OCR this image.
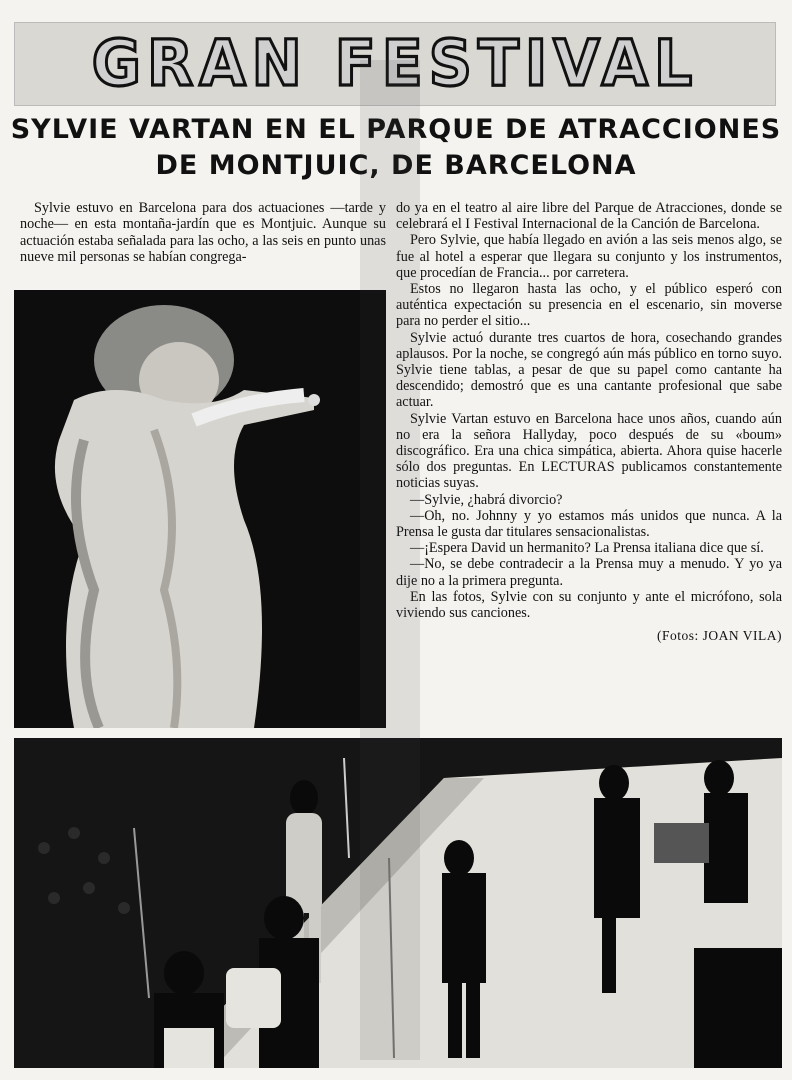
GRAN FESTIVAL
SYLVIE VARTAN EN EL PARQUE DE ATRACCIONES
DE MONTJUIC, DE BARCELONA
Sylvie estuvo en Barcelona para dos actuaciones —tarde y noche— en esta montaña-jardín que es Montjuic. Aunque su actuación estaba señalada para las ocho, a las seis en punto unas nueve mil personas se habían congrega-

do ya en el teatro al aire libre del Parque de Atracciones, donde se celebrará el I Festival Internacional de la Canción de Barcelona.

Pero Sylvie, que había llegado en avión a las seis menos algo, se fue al hotel a esperar que llegara su conjunto y los instrumentos, que procedían de Francia... por carretera.

Estos no llegaron hasta las ocho, y el público esperó con auténtica expectación su presencia en el escenario, sin moverse para no perder el sitio...

Sylvie actuó durante tres cuartos de hora, cosechando grandes aplausos. Por la noche, se congregó aún más público en torno suyo. Sylvie tiene tablas, a pesar de que su papel como cantante ha descendido; demostró que es una cantante profesional que sabe actuar.

Sylvie Vartan estuvo en Barcelona hace unos años, cuando aún no era la señora Hallyday, poco después de su «boum» discográfico. Era una chica simpática, abierta. Ahora quise hacerle sólo dos preguntas. En LECTURAS publicamos constantemente noticias suyas.

—Sylvie, ¿habrá divorcio?

—Oh, no. Johnny y yo estamos más unidos que nunca. A la Prensa le gusta dar titulares sensacionalistas.

—¡Espera David un hermanito? La Prensa italiana dice que sí.

—No, se debe contradecir a la Prensa muy a menudo. Y yo ya dije no a la primera pregunta.

En las fotos, Sylvie con su conjunto y ante el micrófono, sola viviendo sus canciones.

(Fotos: JOAN VILA)
